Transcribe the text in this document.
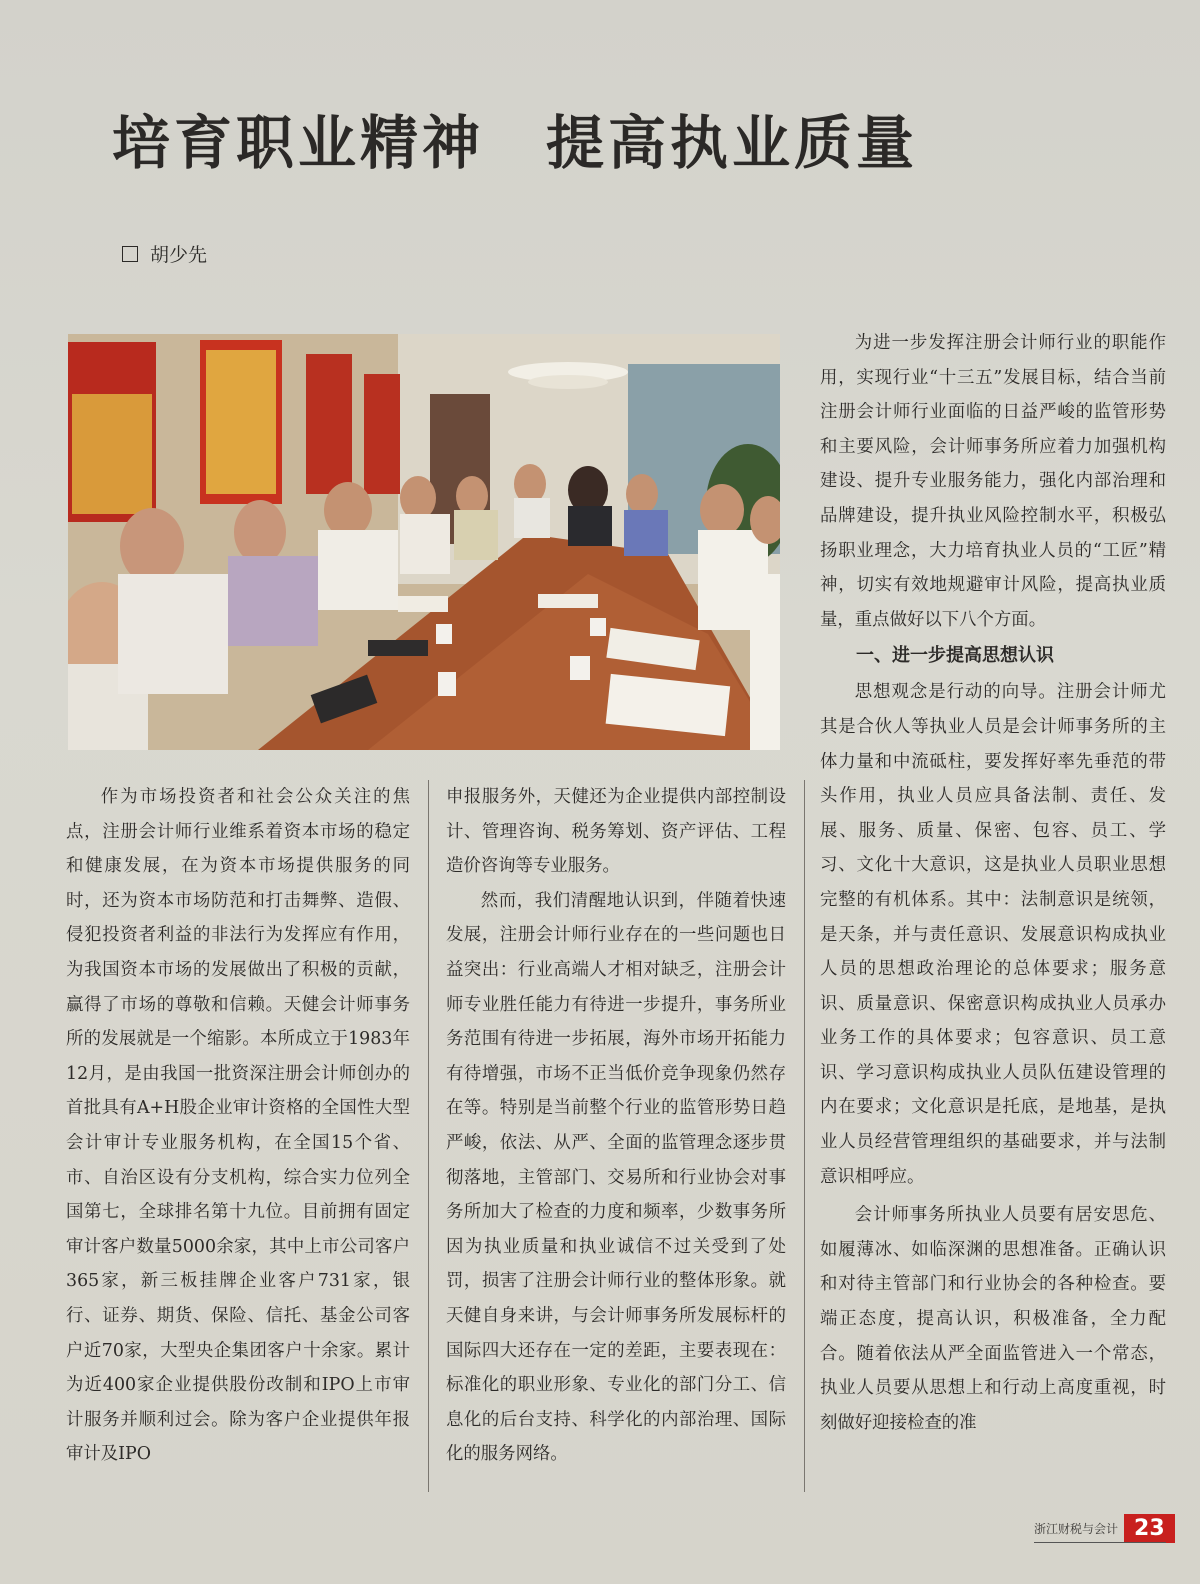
培育职业精神　提高执业质量
胡少先

作为市场投资者和社会公众关注的焦点，注册会计师行业维系着资本市场的稳定和健康发展，在为资本市场提供服务的同时，还为资本市场防范和打击舞弊、造假、侵犯投资者利益的非法行为发挥应有作用，为我国资本市场的发展做出了积极的贡献，赢得了市场的尊敬和信赖。天健会计师事务所的发展就是一个缩影。本所成立于1983年12月，是由我国一批资深注册会计师创办的首批具有A+H股企业审计资格的全国性大型会计审计专业服务机构，在全国15个省、市、自治区设有分支机构，综合实力位列全国第七，全球排名第十九位。目前拥有固定审计客户数量5000余家，其中上市公司客户365家，新三板挂牌企业客户731家，银行、证券、期货、保险、信托、基金公司客户近70家，大型央企集团客户十余家。累计为近400家企业提供股份改制和IPO上市审计服务并顺利过会。除为客户企业提供年报审计及IPO

申报服务外，天健还为企业提供内部控制设计、管理咨询、税务筹划、资产评估、工程造价咨询等专业服务。

然而，我们清醒地认识到，伴随着快速发展，注册会计师行业存在的一些问题也日益突出：行业高端人才相对缺乏，注册会计师专业胜任能力有待进一步提升，事务所业务范围有待进一步拓展，海外市场开拓能力有待增强，市场不正当低价竞争现象仍然存在等。特别是当前整个行业的监管形势日趋严峻，依法、从严、全面的监管理念逐步贯彻落地，主管部门、交易所和行业协会对事务所加大了检查的力度和频率，少数事务所因为执业质量和执业诚信不过关受到了处罚，损害了注册会计师行业的整体形象。就天健自身来讲，与会计师事务所发展标杆的国际四大还存在一定的差距，主要表现在：标准化的职业形象、专业化的部门分工、信息化的后台支持、科学化的内部治理、国际化的服务网络。

为进一步发挥注册会计师行业的职能作用，实现行业“十三五”发展目标，结合当前注册会计师行业面临的日益严峻的监管形势和主要风险，会计师事务所应着力加强机构建设、提升专业服务能力，强化内部治理和品牌建设，提升执业风险控制水平，积极弘扬职业理念，大力培育执业人员的“工匠”精神，切实有效地规避审计风险，提高执业质量，重点做好以下八个方面。

一、进一步提高思想认识

思想观念是行动的向导。注册会计师尤其是合伙人等执业人员是会计师事务所的主体力量和中流砥柱，要发挥好率先垂范的带头作用，执业人员应具备法制、责任、发展、服务、质量、保密、包容、员工、学习、文化十大意识，这是执业人员职业思想完整的有机体系。其中：法制意识是统领，是天条，并与责任意识、发展意识构成执业人员的思想政治理论的总体要求；服务意识、质量意识、保密意识构成执业人员承办业务工作的具体要求；包容意识、员工意识、学习意识构成执业人员队伍建设管理的内在要求；文化意识是托底，是地基，是执业人员经营管理组织的基础要求，并与法制意识相呼应。

会计师事务所执业人员要有居安思危、如履薄冰、如临深渊的思想准备。正确认识和对待主管部门和行业协会的各种检查。要端正态度，提高认识，积极准备，全力配合。随着依法从严全面监管进入一个常态，执业人员要从思想上和行动上高度重视，时刻做好迎接检查的准

浙江财税与会计 23
